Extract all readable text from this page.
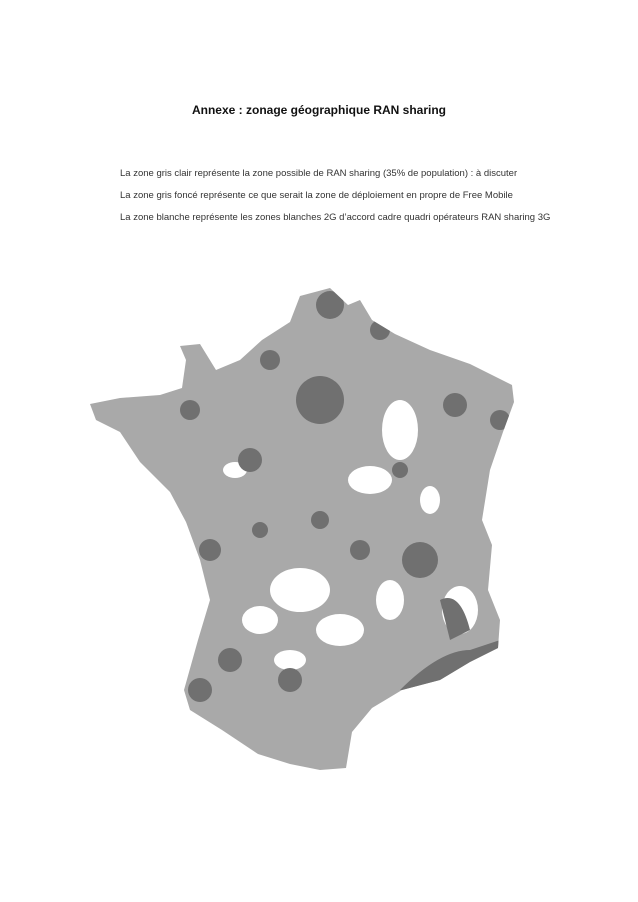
Annexe : zonage géographique RAN sharing
La zone gris clair représente la zone possible de RAN sharing (35% de population) : à discuter
La zone gris foncé représente ce que serait la zone de déploiement en propre de Free Mobile
La zone blanche représente les zones blanches 2G d’accord cadre quadri opérateurs RAN sharing 3G
